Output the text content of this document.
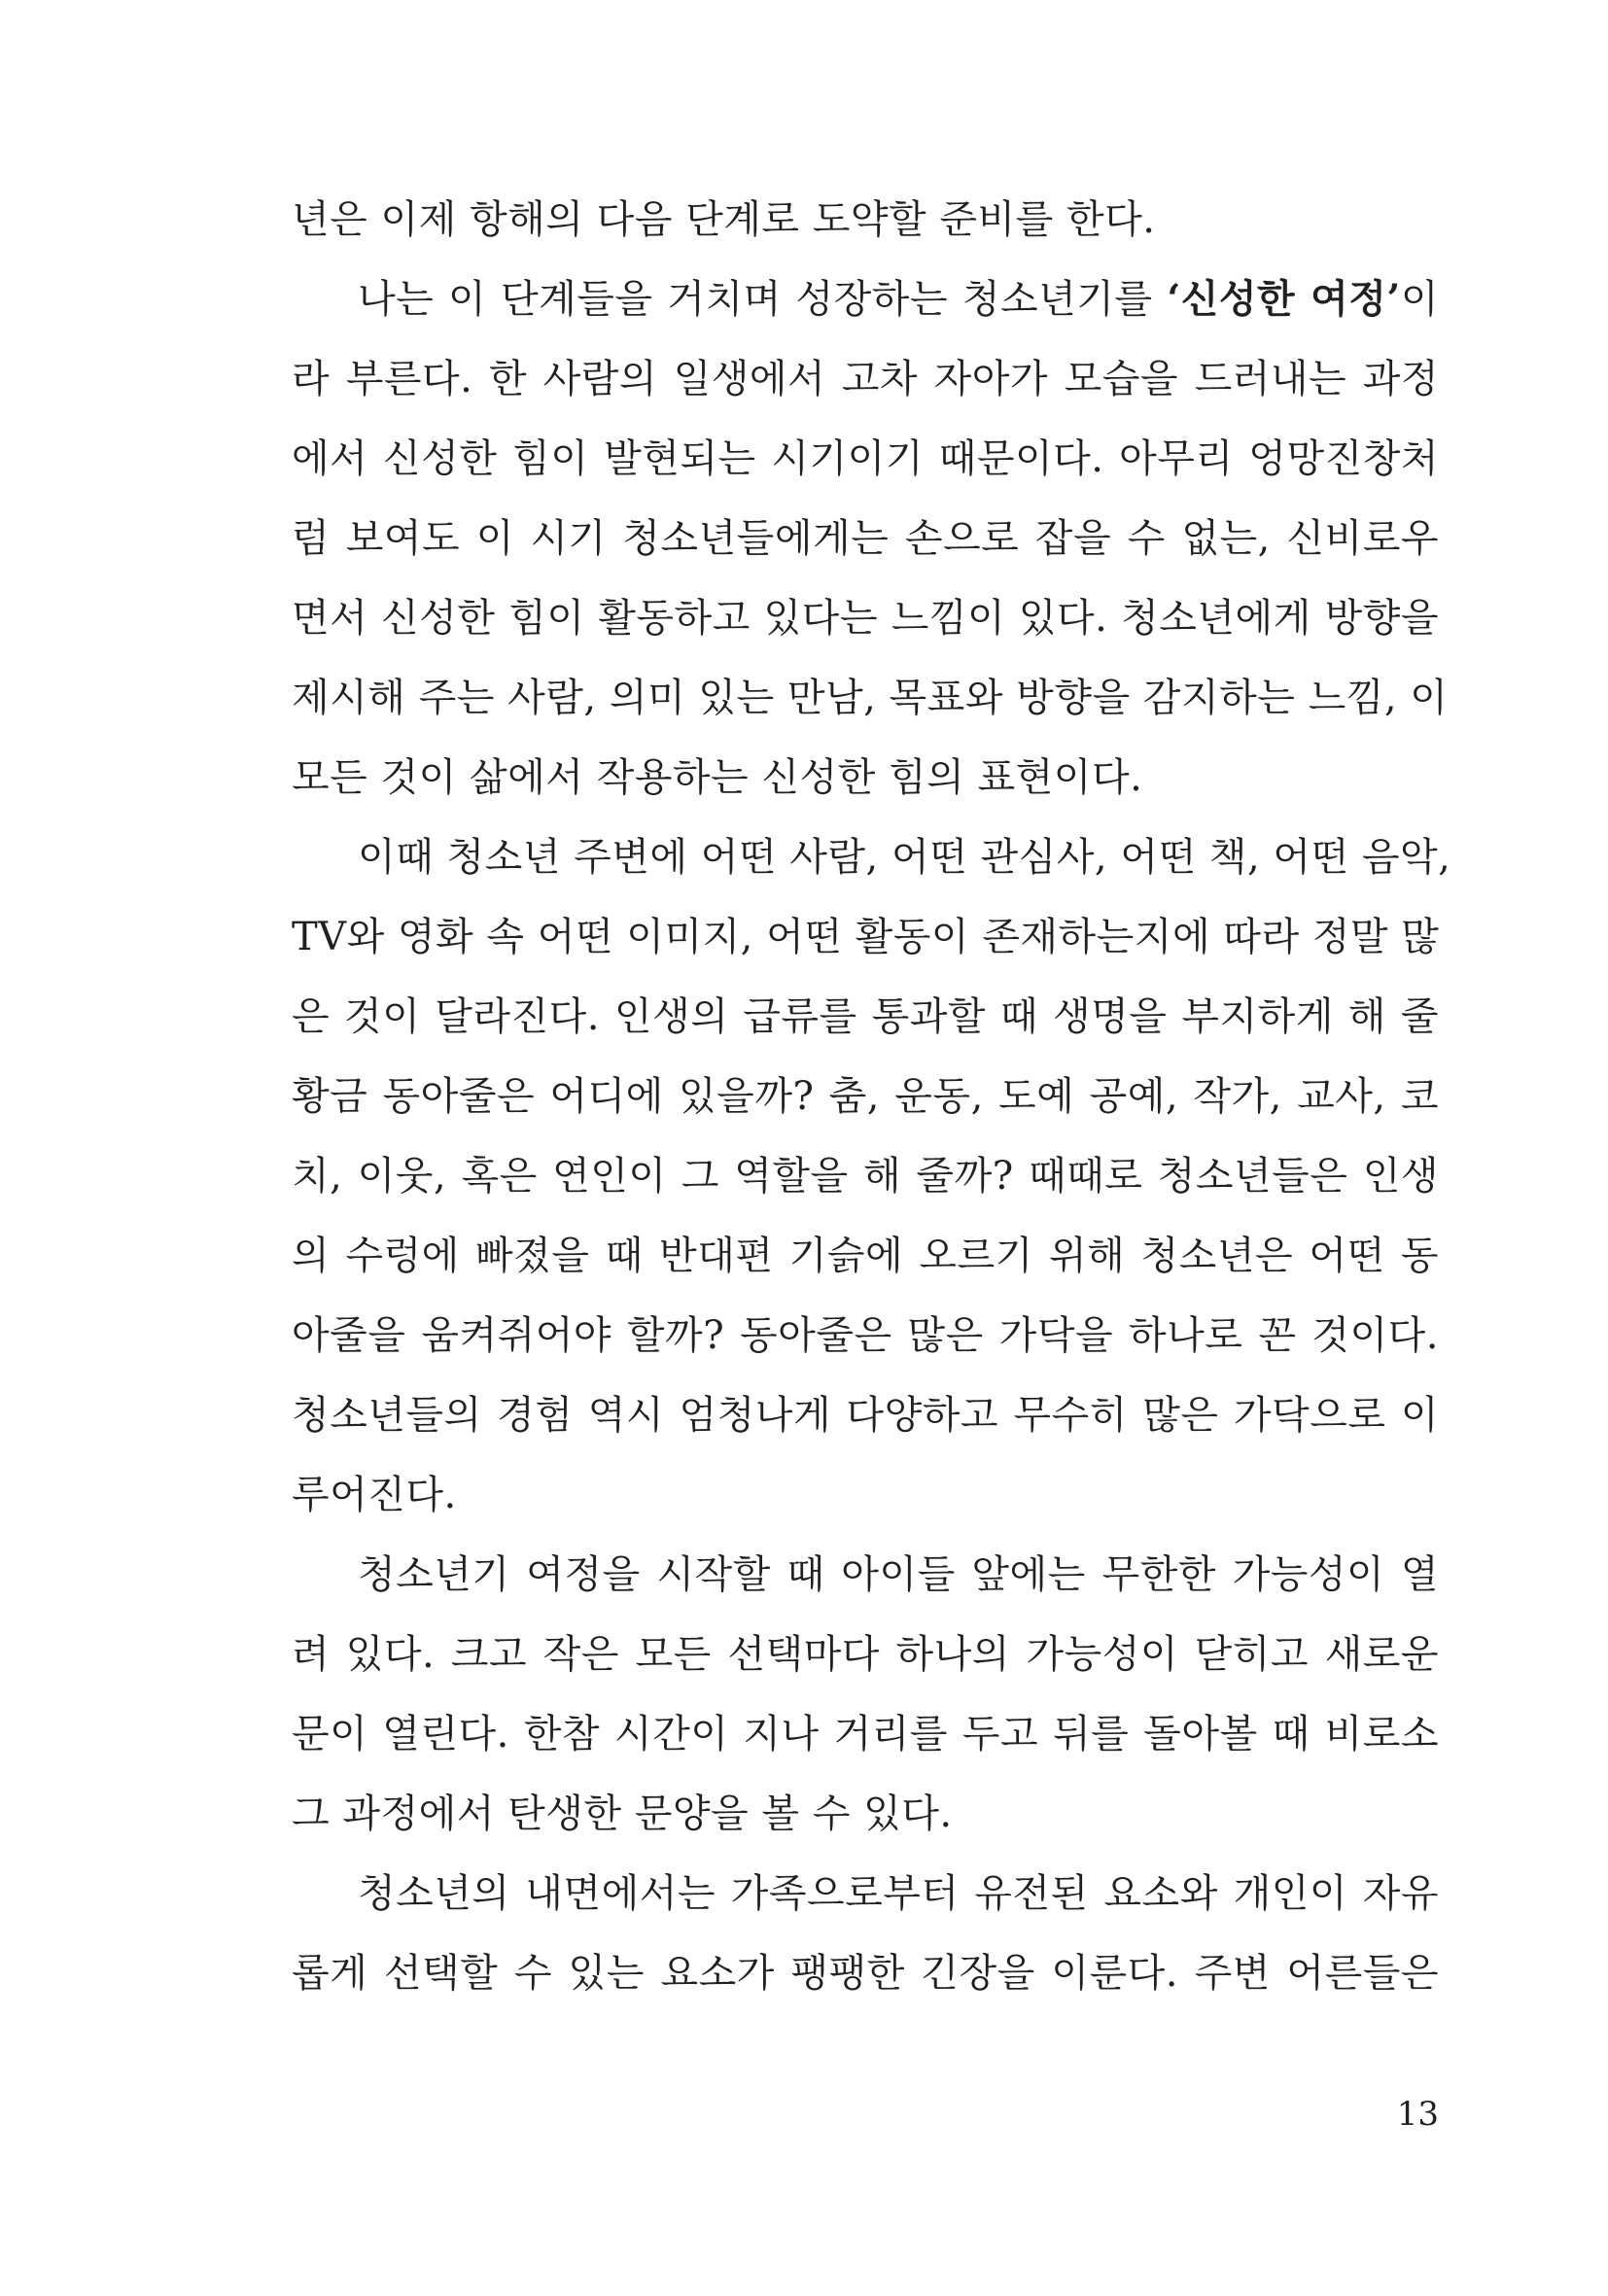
년은 이제 항해의 다음 단계로 도약할 준비를 한다.
나는 이 단계들을 거치며 성장하는 청소년기를 ‘신성한 여정’이
라 부른다. 한 사람의 일생에서 고차 자아가 모습을 드러내는 과정
에서 신성한 힘이 발현되는 시기이기 때문이다. 아무리 엉망진창처
럼 보여도 이 시기 청소년들에게는 손으로 잡을 수 없는, 신비로우
면서 신성한 힘이 활동하고 있다는 느낌이 있다. 청소년에게 방향을
제시해 주는 사람, 의미 있는 만남, 목표와 방향을 감지하는 느낌, 이
모든 것이 삶에서 작용하는 신성한 힘의 표현이다.
이때 청소년 주변에 어떤 사람, 어떤 관심사, 어떤 책, 어떤 음악,
TV와 영화 속 어떤 이미지, 어떤 활동이 존재하는지에 따라 정말 많
은 것이 달라진다. 인생의 급류를 통과할 때 생명을 부지하게 해 줄
황금 동아줄은 어디에 있을까? 춤, 운동, 도예 공예, 작가, 교사, 코
치, 이웃, 혹은 연인이 그 역할을 해 줄까? 때때로 청소년들은 인생
의 수렁에 빠졌을 때 반대편 기슭에 오르기 위해 청소년은 어떤 동
아줄을 움켜쥐어야 할까? 동아줄은 많은 가닥을 하나로 꼰 것이다.
청소년들의 경험 역시 엄청나게 다양하고 무수히 많은 가닥으로 이
루어진다.
청소년기 여정을 시작할 때 아이들 앞에는 무한한 가능성이 열
려 있다. 크고 작은 모든 선택마다 하나의 가능성이 닫히고 새로운
문이 열린다. 한참 시간이 지나 거리를 두고 뒤를 돌아볼 때 비로소
그 과정에서 탄생한 문양을 볼 수 있다.
청소년의 내면에서는 가족으로부터 유전된 요소와 개인이 자유
롭게 선택할 수 있는 요소가 팽팽한 긴장을 이룬다. 주변 어른들은
13
